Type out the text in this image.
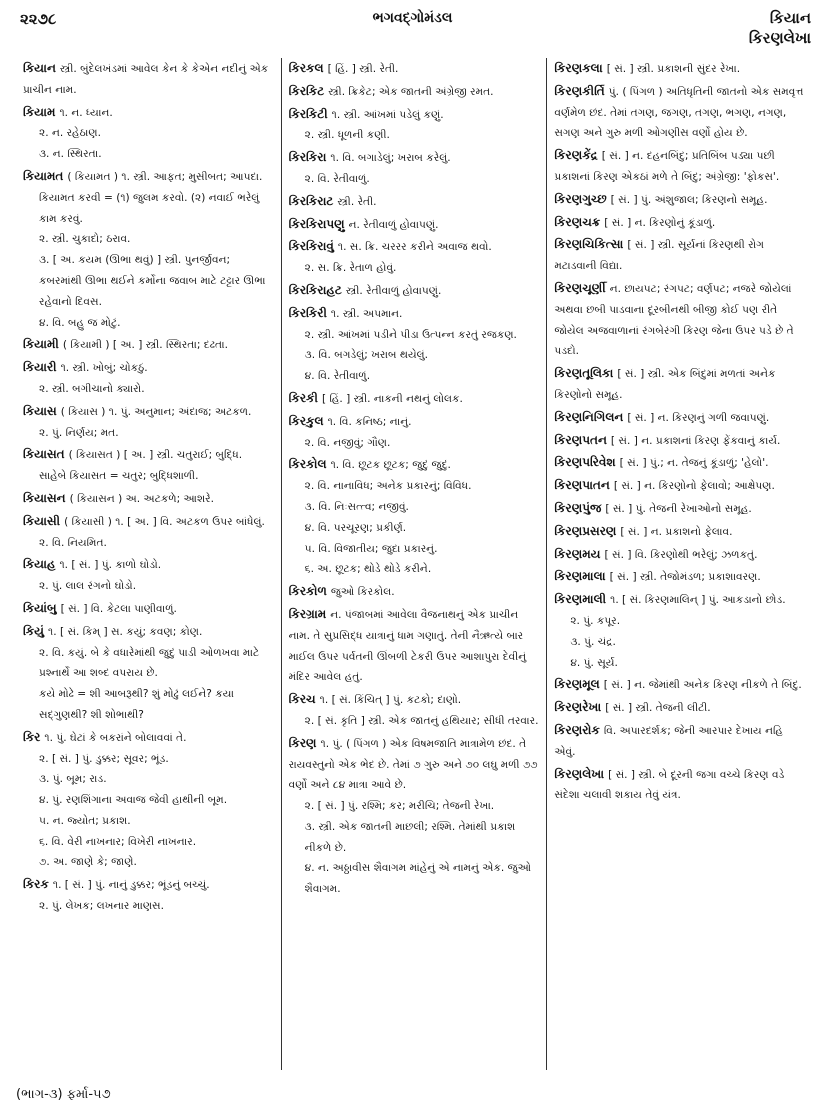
૨૨૭૮	ભગવદ્ગોમંડલ	કિયાન
કિરણલેખા
કિયાન સ્ત્રી. બુંદેલખંડમાં આવેલ કેન કે કેએન નદીનું એક પ્રાચીન નામ.
કિયામ ૧. ન. ધ્યાન.
૨. ન. રહેઠાણ.
૩. ન. સ્થિરતા.
કિયામત ( કિયામત ) ૧. સ્ત્રી. આફત; મુસીબત; આપદા.
કિયામત કરવી = (૧) જુલમ કરવો. (૨) નવાઈ ભરેલું કામ કરવું.
૨. સ્ત્રી. ચુકાદો; ઠરાવ.
૩. [ અ. કયમ (ઊભા થવું) ] સ્ત્રી. પુનર્જીવન; કબરમાંથી ઊભા થઈને કર્મોના જવાબ માટે ટટ્ટાર ઊભા રહેવાનો દિવસ.
૪. વિ. બહુ જ મોટું.
કિયામી ( કિયામી ) [ અ. ] સ્ત્રી. સ્થિરતા; દઢતા.
કિયારી ૧. સ્ત્રી. ખોબું; ચોકઠું.
૨. સ્ત્રી. બગીચાનો ક્યારો.
કિયાસ ( કિયાસ ) ૧. પું. અનુમાન; અંદાજ; અટકળ.
૨. પું. નિર્ણય; મત.
કિયાસત ( કિયાસત ) [ અ. ] સ્ત્રી. ચતુરાઈ; બુદ્ધિ.
સાહેબે કિયાસત = ચતુર; બુદ્ધિશાળી.
કિયાસન ( કિયાસન ) અ. અટકળે; આશરે.
કિયાસી ( કિયાસી ) ૧. [ અ. ] વિ. અટકળ ઉપર બાંધેલું.
૨. વિ. નિયમિત.
કિયાહ ૧. [ સં. ] પું. કાળો ઘોડો.
૨. પું. લાલ રંગનો ઘોડો.
કિયાંબુ [ સં. ] વિ. કેટલા પાણીવાળું.
કિયું ૧. [ સં. કિમ્ ] સ. કયું; કવણ; કોણ.
૨. વિ. કયું. બે કે વધારેમાંથી જુદું પાડી ઓળખવા માટે પ્રશ્નાર્થે આ શબ્દ વપરાય છે.
કયે મોઢે = શી આબરૂથી? શું મોઢું લઈને? કયા સદ્‌ગુણથી? શી શોભાથી?
કિર ૧. પું. ઘેટાં કે બકરાંને બોલાવવાં તે.
૨. [ સં. ] પું. ડુક્કર; સૂવર; ભૂંડ.
૩. પું. બૂમ; રાડ.
૪. પું. રણશિંગાના અવાજ જેવી હાથીની બૂમ.
૫. ન. જ્યોત; પ્રકાશ.
૬. વિ. વેરી નાખનાર; વિખેરી નાખનાર.
૭. અ. જાણે કે; જાણે.
કિરક ૧. [ સં. ] પું. નાનું ડુક્કર; ભૂંડનું બચ્ચું.
૨. પું. લેખક; લખનાર માણસ.
કિરકલ [ હિં. ] સ્ત્રી. રેતી.
કિરકિટ સ્ત્રી. ક્રિકેટ; એક જાતની અંગ્રેજી રમત.
કિરકિટી ૧. સ્ત્રી. આંખમાં પડેલું કણું.
૨. સ્ત્રી. ધૂળની કણી.
કિરકિરા ૧. વિ. બગાડેલું; ખરાબ કરેલું.
૨. વિ. રેતીવાળું.
કિરકિરાટ સ્ત્રી. રેતી.
કિરકિરાપણુ ન. રેતીવાળું હોવાપણું.
કિરકિરાવું ૧. સ. ક્રિ. ચરરર કરીને અવાજ થવો.
૨. સ. ક્રિ. રેતાળ હોવું.
કિરકિરાહટ સ્ત્રી. રેતીવાળું હોવાપણું.
કિરકિરી ૧. સ્ત્રી. અપમાન.
૨. સ્ત્રી. આંખમાં પડીને પીડા ઉત્પન્ન કરતું રજકણ.
૩. વિ. બગડેલું; ખરાબ થયેલું.
૪. વિ. રેતીવાળું.
કિરકી [ હિં. ] સ્ત્રી. નાકની નથનું લોલક.
કિરકુલ ૧. વિ. કનિષ્ઠ; નાનું.
૨. વિ. નજીવું; ગૌણ.
કિરકોલ ૧. વિ. છૂટક છૂટક; જુદું જુદું.
૨. વિ. નાનાવિધ; અનેક પ્રકારનું; વિવિધ.
૩. વિ. નિઃસત્ત્વ; નજીવું.
૪. વિ. પરચૂરણ; પ્રકીર્ણ.
૫. વિ. વિજાતીય; જુદા પ્રકારનું.
૬. અ. છૂટક; થોડે થોડે કરીને.
કિરકોળ જુઓ કિરકોલ.
કિરગ્રામ ન. પંજાબમાં આવેલા વૈજનાથનું એક પ્રાચીન નામ. તે સુપ્રસિદ્ધ યાત્રાનું ધામ ગણાતું. તેની નૈઋત્યે બાર માઈલ ઉપર પર્વતની ઊંબળી ટેકરી ઉપર આશાપુરા દેવીનું મંદિર આવેલ હતું.
કિરચ ૧. [ સં. કિંચિત્ ] પું. કટકો; દાણો.
૨. [ સં. કૃતિ ] સ્ત્રી. એક જાતનું હથિયાર; સીધી તરવાર.
કિરણ ૧. પું. ( પિંગળ ) એક વિષમજાતિ માત્રામેળ છંદ. તે રાયવસ્તુનો એક ભેદ છે. તેમાં ૭ ગુરુ અને ૭૦ લઘુ મળી ૭૭ વર્ણો અને ૮૪ માત્રા આવે છે.
૨. [ સં. ] પું. રશ્મિ; કર; મરીચિ; તેજની રેખા.
૩. સ્ત્રી. એક જાતની માછલી; રશ્મિ. તેમાંથી પ્રકાશ નીકળે છે.
૪. ન. અઠ્ઠાવીસ શૈવાગમ માંહેનું એ નામનું એક. જુઓ શૈવાગમ.
કિરણકલા [ સં. ] સ્ત્રી. પ્રકાશની સુંદર રેખા.
કિરણકીર્તિ પું. ( પિંગળ ) અતિધૃતિની જાતનો એક સમવૃત્ત વર્ણમેળ છંદ. તેમાં તગણ, જગણ, તગણ, ભગણ, નગણ, સગણ અને ગુરુ મળી ઓગણીસ વર્ણો હોય છે.
કિરણકેંદ્ર [ સં. ] ન. દહનબિંદુ; પ્રતિબિંબ પડ્યા પછી પ્રકાશનાં કિરણ એકઠાં મળે તે બિંદુ; અંગ્રેજી: 'ફોકસ'.
કિરણગુચ્છ [ સં. ] પું. અંશુજાલ; કિરણનો સમૂહ.
કિરણચક્ર [ સં. ] ન. કિરણોનું કૂંડાળું.
કિરણચિકિત્સા [ સં. ] સ્ત્રી. સૂર્યનાં કિરણથી રોગ મટાડવાની વિદ્યા.
કિરણચૂર્ણી ન. છાયપટ; રંગપટ; વર્ણપટ; નજરે જોયેલાં અથવા છબી પાડવાના દૂરબીનથી બીજી કોઈ પણ રીતે જોયેલ અજવાળાનાં રંગબેરંગી કિરણ જેના ઉપર પડે છે તે પડદો.
કિરણતૂલિકા [ સં. ] સ્ત્રી. એક બિંદુમાં મળતાં અનેક કિરણોનો સમૂહ.
કિરણનિગિલન [ સં. ] ન. કિરણનું ગળી જવાપણું.
કિરણપતન [ સં. ] ન. પ્રકાશનાં કિરણ ફેંકવાનું કાર્ય.
કિરણપરિવેશ [ સં. ] પું.; ન. તેજનું કૂંડાળું; 'હેલો'.
કિરણપાતન [ સં. ] ન. કિરણોનો ફેલાવો; આક્ષેપણ.
કિરણપુંજ [ સં. ] પું. તેજની રેખાઓનો સમૂહ.
કિરણપ્રસરણ [ સં. ] ન. પ્રકાશનો ફેલાવ.
કિરણમય [ સં. ] વિ. કિરણોથી ભરેલું; ઝળકતું.
કિરણમાલા [ સં. ] સ્ત્રી. તેજોમંડળ; પ્રકાશાવરણ.
કિરણમાલી ૧. [ સં. કિરણમાલિન્ ] પું. આકડાનો છોડ.
૨. પું. કપૂર.
૩. પું. ચંદ્ર.
૪. પું. સૂર્ય.
કિરણમૂલ [ સં. ] ન. જેમાંથી અનેક કિરણ નીકળે તે બિંદુ.
કિરણરેખા [ સં. ] સ્ત્રી. તેજની લીટી.
કિરણરોક વિ. અપારદર્શક; જેની આરપાર દેખાય નહિ એવું.
કિરણલેખા [ સં. ] સ્ત્રી. બે દૂરની જગા વચ્ચે કિરણ વડે સંદેશા ચલાવી શકાય તેવું યંત્ર.
(ભાગ-૩) ફર્મા-૫૭
